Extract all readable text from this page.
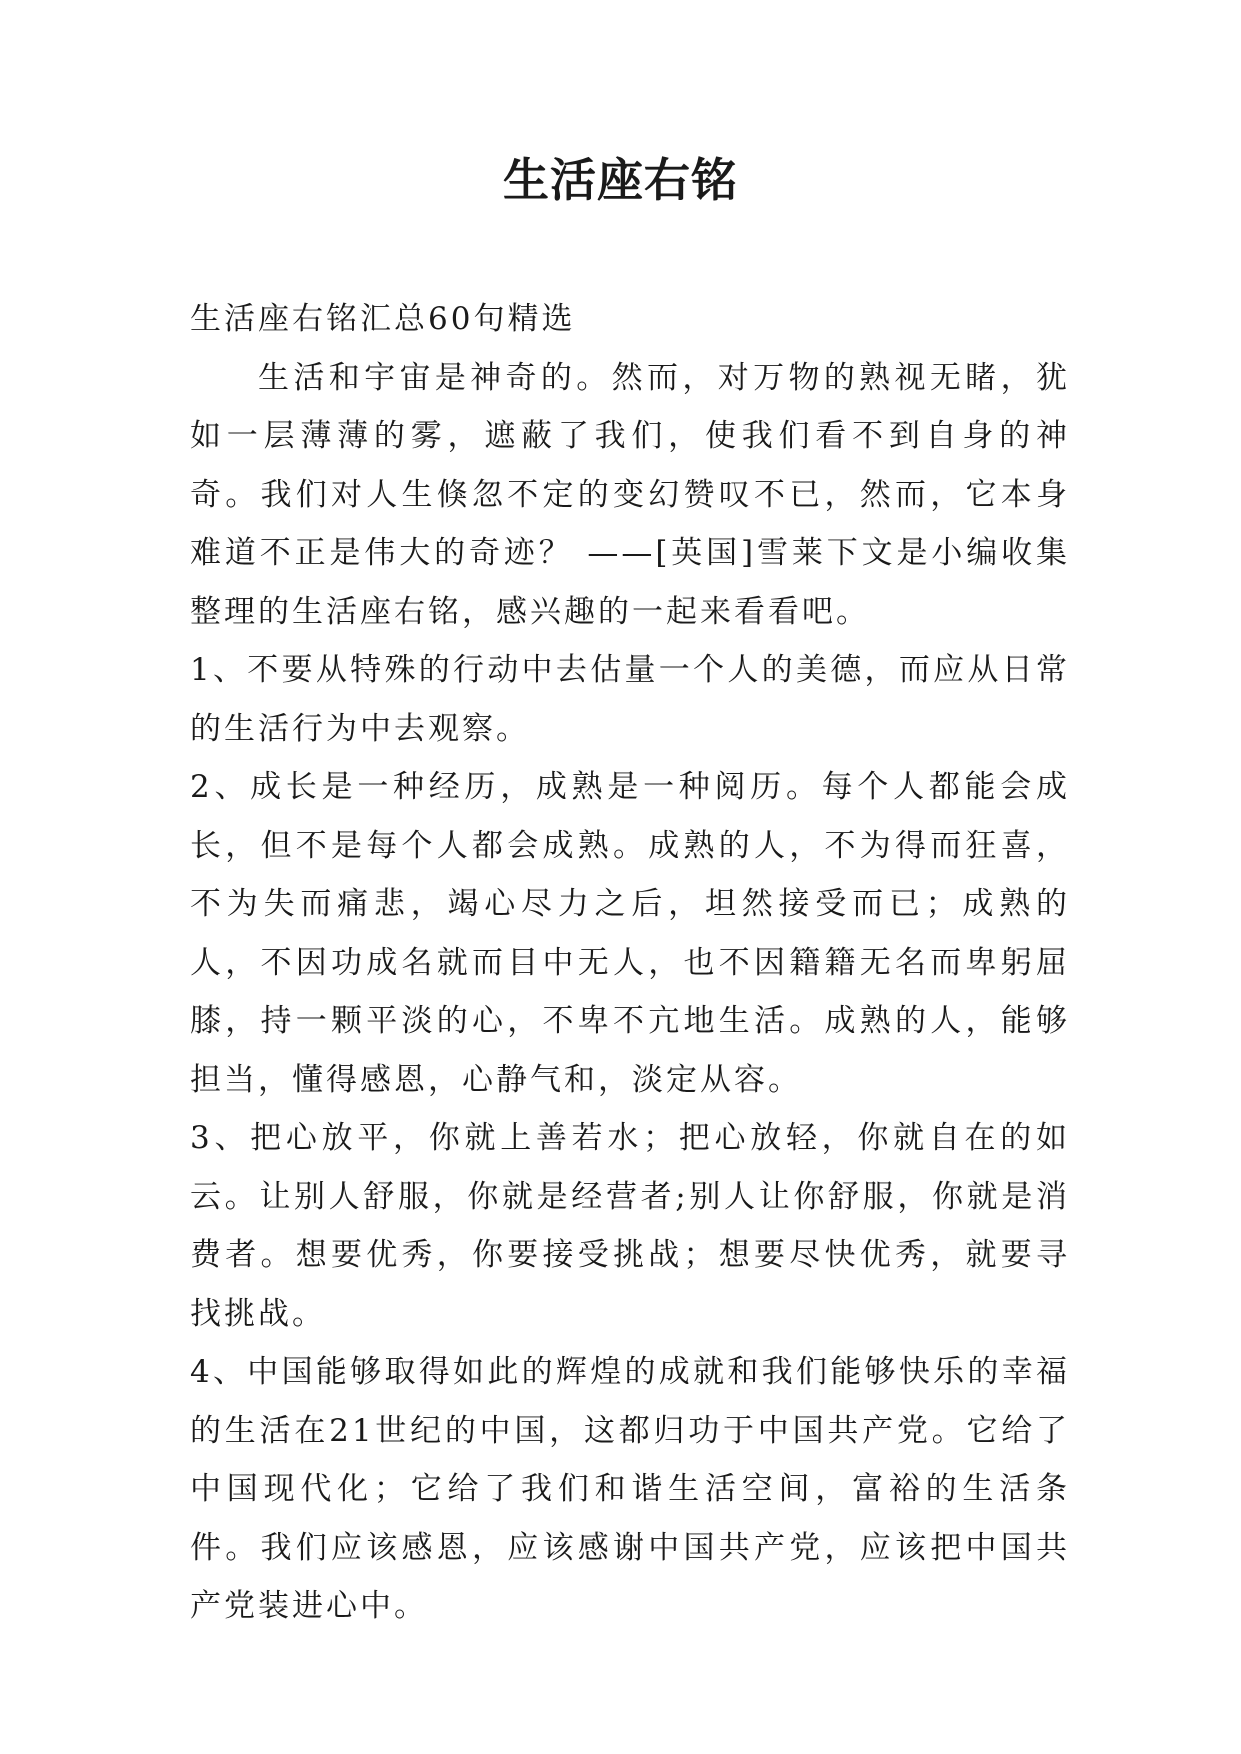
生活座右铭

生活座右铭汇总60句精选

生活和宇宙是神奇的。然而，对万物的熟视无睹，犹如一层薄薄的雾，遮蔽了我们，使我们看不到自身的神奇。我们对人生倏忽不定的变幻赞叹不已，然而，它本身难道不正是伟大的奇迹？ ——[英国]雪莱下文是小编收集整理的生活座右铭，感兴趣的一起来看看吧。

1、不要从特殊的行动中去估量一个人的美德，而应从日常的生活行为中去观察。

2、成长是一种经历，成熟是一种阅历。每个人都能会成长，但不是每个人都会成熟。成熟的人，不为得而狂喜，不为失而痛悲，竭心尽力之后，坦然接受而已；成熟的人，不因功成名就而目中无人，也不因籍籍无名而卑躬屈膝，持一颗平淡的心，不卑不亢地生活。成熟的人，能够担当，懂得感恩，心静气和，淡定从容。

3、把心放平，你就上善若水；把心放轻，你就自在的如云。让别人舒服，你就是经营者;别人让你舒服，你就是消费者。想要优秀，你要接受挑战；想要尽快优秀，就要寻找挑战。

4、中国能够取得如此的辉煌的成就和我们能够快乐的幸福的生活在21世纪的中国，这都归功于中国共产党。它给了中国现代化；它给了我们和谐生活空间，富裕的生活条件。我们应该感恩，应该感谢中国共产党，应该把中国共产党装进心中。
